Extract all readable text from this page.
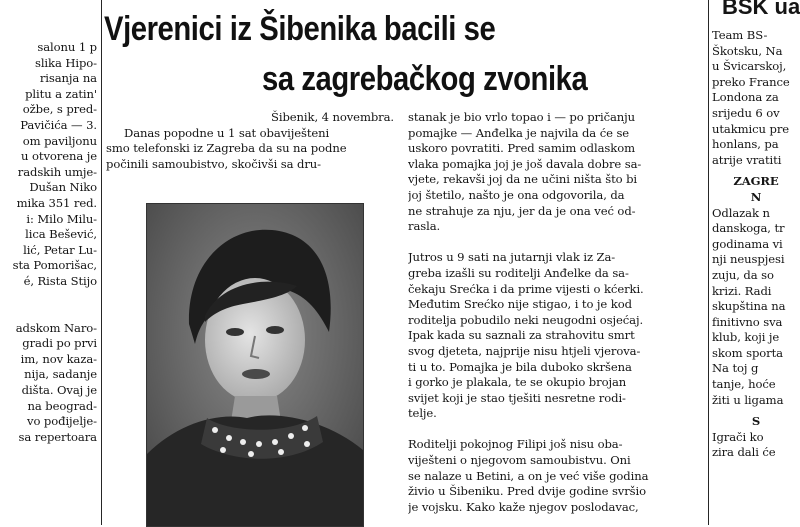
salonu 1 p
slika Hipo-
risanja na
plitu a zatin'
ožbe, s pred-
Pavičića — 3.
om paviljonu
u otvorena je
radskih umje-
Dušan Niko
mika 351 red.
i: Milo Milu-
lica Bešević,
lić, Petar Lu-
sta Pomorišac,
é, Rista Stijo
adskom Naro-
gradi po prvi
im, nov kaza-
nija, sadanje
dišta. Ovaj je
na beograd-
vo pođijelje-
sa repertoara
Vjerenici iz Šibenika bacili se
sa zagrebačkog zvonika
Šibenik, 4 novembra.
Danas popodne u 1 sat obaviješteni
smo telefonski iz Zagreba da su na podne
počinili samoubistvo, skočivši sa dru-
stanak je bio vrlo topao i — po pričanju
pomajke — Anđelka je najvila da će se
uskoro povratiti. Pred samim odlaskom
vlaka pomajka joj je još davala dobre sa-
vjete, rekavši joj da ne učini ništa što bi
joj štetilo, našto je ona odgovorila, da
ne strahuje za nju, jer da je ona već od-
rasla.
Jutros u 9 sati na jutarnji vlak iz Za-
greba izašli su roditelji Anđelke da sa-
čekaju Srećka i da prime vijesti o kćerki.
Međutim Srećko nije stigao, i to je kod
roditelja pobudilo neki neugodni osjećaj.
Ipak kada su saznali za strahovitu smrt
svog djeteta, najprije nisu htjeli vjerova-
ti u to. Pomajka je bila duboko skršena
i gorko je plakala, te se okupio brojan
svijet koji je stao tješiti nesretne rodi-
telje.
Roditelji pokojnog Filipi još nisu oba-
viješteni o njegovom samoubistvu. Oni
se nalaze u Betini, a on je već više godina
živio u Šibeniku. Pred dvije godine svršio
je vojsku. Kako kaže njegov poslodavac,
BSK ua
Team BS-
Škotsku, Na
u Švicarskoj,
preko France
Londona za
srijedu 6 ov
utakmicu pre
honlans, pa
atrije vratiti
ZAGRE
N
Odlazak n
danskoga, tr
godinama vi
nji neuspjesi
zuju, da so
krizi. Radi
skupština na
finitivno sva
klub, koji je
skom sporta
Na toj g
tanje, hoće
žiti u ligama
S
Igrači ko
zira dali će
